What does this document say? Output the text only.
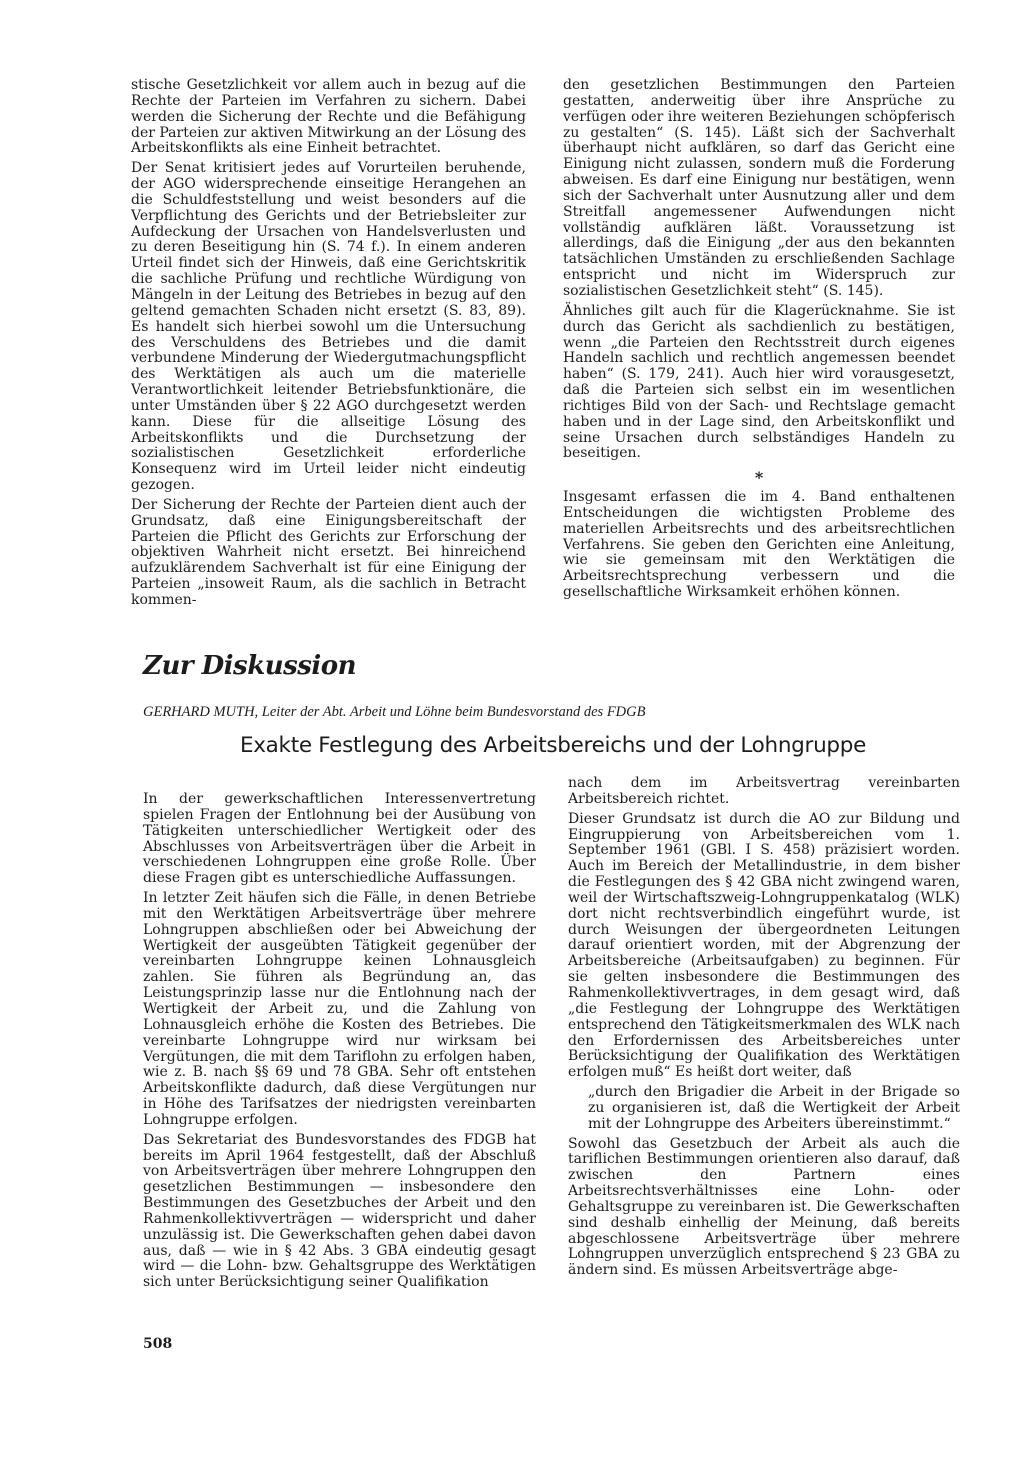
stische Gesetzlichkeit vor allem auch in bezug auf die Rechte der Parteien im Verfahren zu sichern. Dabei werden die Sicherung der Rechte und die Befähigung der Parteien zur aktiven Mitwirkung an der Lösung des Arbeitskonflikts als eine Einheit betrachtet.

Der Senat kritisiert jedes auf Vorurteilen beruhende, der AGO widersprechende einseitige Herangehen an die Schuldfeststellung und weist besonders auf die Verpflichtung des Gerichts und der Betriebsleiter zur Aufdeckung der Ursachen von Handelsverlusten und zu deren Beseitigung hin (S. 74 f.). In einem anderen Urteil findet sich der Hinweis, daß eine Gerichtskritik die sachliche Prüfung und rechtliche Würdigung von Mängeln in der Leitung des Betriebes in bezug auf den geltend gemachten Schaden nicht ersetzt (S. 83, 89). Es handelt sich hierbei sowohl um die Untersuchung des Verschuldens des Betriebes und die damit verbundene Minderung der Wiedergutmachungspflicht des Werktätigen als auch um die materielle Verantwortlichkeit leitender Betriebsfunktionäre, die unter Umständen über § 22 AGO durchgesetzt werden kann. Diese für die allseitige Lösung des Arbeitskonflikts und die Durchsetzung der sozialistischen Gesetzlichkeit erforderliche Konsequenz wird im Urteil leider nicht eindeutig gezogen.

Der Sicherung der Rechte der Parteien dient auch der Grundsatz, daß eine Einigungsbereitschaft der Parteien die Pflicht des Gerichts zur Erforschung der objektiven Wahrheit nicht ersetzt. Bei hinreichend aufzuklärendem Sachverhalt ist für eine Einigung der Parteien „insoweit Raum, als die sachlich in Betracht kommen-

den gesetzlichen Bestimmungen den Parteien gestatten, anderweitig über ihre Ansprüche zu verfügen oder ihre weiteren Beziehungen schöpferisch zu gestalten“ (S. 145). Läßt sich der Sachverhalt überhaupt nicht aufklären, so darf das Gericht eine Einigung nicht zulassen, sondern muß die Forderung abweisen. Es darf eine Einigung nur bestätigen, wenn sich der Sachverhalt unter Ausnutzung aller und dem Streitfall angemessener Aufwendungen nicht vollständig aufklären läßt. Voraussetzung ist allerdings, daß die Einigung „der aus den bekannten tatsächlichen Umständen zu erschließenden Sachlage entspricht und nicht im Widerspruch zur sozialistischen Gesetzlichkeit steht“ (S. 145).

Ähnliches gilt auch für die Klagerücknahme. Sie ist durch das Gericht als sachdienlich zu bestätigen, wenn „die Parteien den Rechtsstreit durch eigenes Handeln sachlich und rechtlich angemessen beendet haben“ (S. 179, 241). Auch hier wird vorausgesetzt, daß die Parteien sich selbst ein im wesentlichen richtiges Bild von der Sach- und Rechtslage gemacht haben und in der Lage sind, den Arbeitskonflikt und seine Ursachen durch selbständiges Handeln zu beseitigen.

*

Insgesamt erfassen die im 4. Band enthaltenen Entscheidungen die wichtigsten Probleme des materiellen Arbeitsrechts und des arbeitsrechtlichen Verfahrens. Sie geben den Gerichten eine Anleitung, wie sie gemeinsam mit den Werktätigen die Arbeitsrechtsprechung verbessern und die gesellschaftliche Wirksamkeit erhöhen können.

Zur Diskussion

GERHARD MUTH, Leiter der Abt. Arbeit und Löhne beim Bundesvorstand des FDGB

Exakte Festlegung des Arbeitsbereichs und der Lohngruppe

In der gewerkschaftlichen Interessenvertretung spielen Fragen der Entlohnung bei der Ausübung von Tätigkeiten unterschiedlicher Wertigkeit oder des Abschlusses von Arbeitsverträgen über die Arbeit in verschiedenen Lohngruppen eine große Rolle. Über diese Fragen gibt es unterschiedliche Auffassungen.

In letzter Zeit häufen sich die Fälle, in denen Betriebe mit den Werktätigen Arbeitsverträge über mehrere Lohngruppen abschließen oder bei Abweichung der Wertigkeit der ausgeübten Tätigkeit gegenüber der vereinbarten Lohngruppe keinen Lohnausgleich zahlen. Sie führen als Begründung an, das Leistungsprinzip lasse nur die Entlohnung nach der Wertigkeit der Arbeit zu, und die Zahlung von Lohnausgleich erhöhe die Kosten des Betriebes. Die vereinbarte Lohngruppe wird nur wirksam bei Vergütungen, die mit dem Tariflohn zu erfolgen haben, wie z. B. nach §§ 69 und 78 GBA. Sehr oft entstehen Arbeitskonflikte dadurch, daß diese Vergütungen nur in Höhe des Tarifsatzes der niedrigsten vereinbarten Lohngruppe erfolgen.

Das Sekretariat des Bundesvorstandes des FDGB hat bereits im April 1964 festgestellt, daß der Abschluß von Arbeitsverträgen über mehrere Lohngruppen den gesetzlichen Bestimmungen — insbesondere den Bestimmungen des Gesetzbuches der Arbeit und den Rahmenkollektivverträgen — widerspricht und daher unzulässig ist. Die Gewerkschaften gehen dabei davon aus, daß — wie in § 42 Abs. 3 GBA eindeutig gesagt wird — die Lohn- bzw. Gehaltsgruppe des Werktätigen sich unter Berücksichtigung seiner Qualifikation

nach dem im Arbeitsvertrag vereinbarten Arbeitsbereich richtet.

Dieser Grundsatz ist durch die AO zur Bildung und Eingruppierung von Arbeitsbereichen vom 1. September 1961 (GBl. I S. 458) präzisiert worden. Auch im Bereich der Metallindustrie, in dem bisher die Festlegungen des § 42 GBA nicht zwingend waren, weil der Wirtschaftszweig-Lohngruppenkatalog (WLK) dort nicht rechtsverbindlich eingeführt wurde, ist durch Weisungen der übergeordneten Leitungen darauf orientiert worden, mit der Abgrenzung der Arbeitsbereiche (Arbeitsaufgaben) zu beginnen. Für sie gelten insbesondere die Bestimmungen des Rahmenkollektivvertrages, in dem gesagt wird, daß „die Festlegung der Lohngruppe des Werktätigen entsprechend den Tätigkeitsmerkmalen des WLK nach den Erfordernissen des Arbeitsbereiches unter Berücksichtigung der Qualifikation des Werktätigen erfolgen muß“ Es heißt dort weiter, daß

„durch den Brigadier die Arbeit in der Brigade so zu organisieren ist, daß die Wertigkeit der Arbeit mit der Lohngruppe des Arbeiters übereinstimmt.“

Sowohl das Gesetzbuch der Arbeit als auch die tariflichen Bestimmungen orientieren also darauf, daß zwischen den Partnern eines Arbeitsrechtsverhältnisses eine Lohn- oder Gehaltsgruppe zu vereinbaren ist. Die Gewerkschaften sind deshalb einhellig der Meinung, daß bereits abgeschlossene Arbeitsverträge über mehrere Lohngruppen unverzüglich entsprechend § 23 GBA zu ändern sind. Es müssen Arbeitsverträge abge-

508
